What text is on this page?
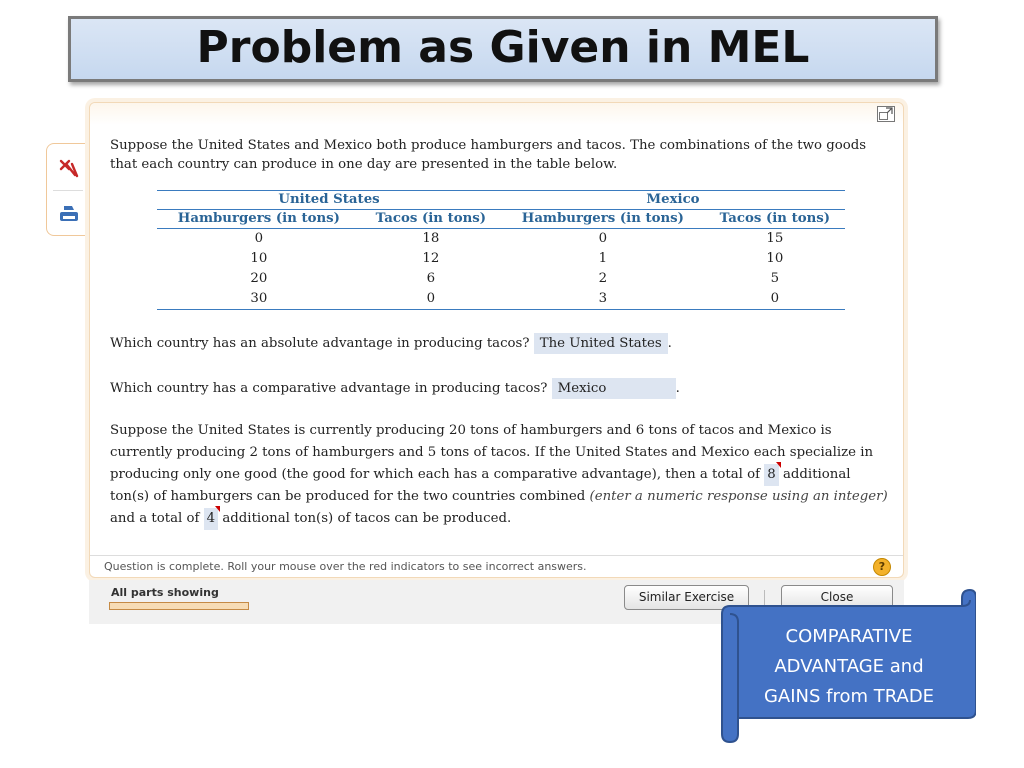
Problem as Given in MEL
Suppose the United States and Mexico both produce hamburgers and tacos. The combinations of the two goods that each country can produce in one day are presented in the table below.
United States		Mexico	
Hamburgers (in tons)	Tacos (in tons)	Hamburgers (in tons)	Tacos (in tons)
0	18	0	15
10	12	1	10
20	6	2	5
30	0	3	0
Which country has an absolute advantage in producing tacos? The United States .
Which country has a comparative advantage in producing tacos? Mexico	.
Suppose the United States is currently producing 20 tons of hamburgers and 6 tons of tacos and Mexico is currently producing 2 tons of hamburgers and 5 tons of tacos. If the United States and Mexico each specialize in producing only one good (the good for which each has a comparative advantage), then a total of 8 additional ton(s) of hamburgers can be produced for the two countries combined (enter a numeric response using an integer) and a total of 4 additional ton(s) of tacos can be produced.
Question is complete. Roll your mouse over the red indicators to see incorrect answers.	?
All parts showing	Similar Exercise	Close
COMPARATIVE
ADVANTAGE and
GAINS from TRADE
